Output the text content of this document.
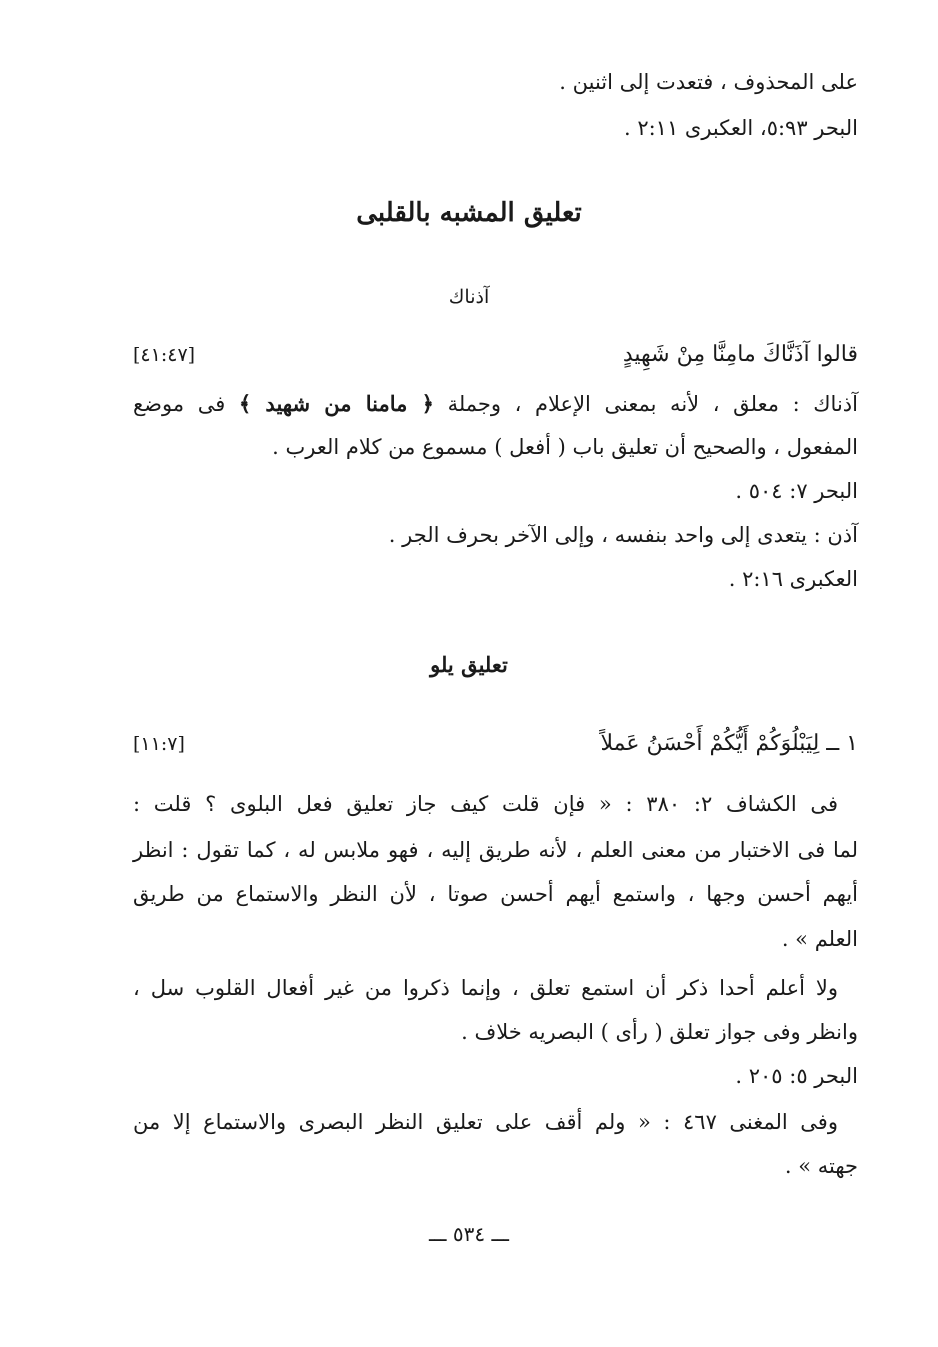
على المحذوف ، فتعدت إلى اثنين .
البحر ٥:٩٣، العكبرى ٢:١١ .
تعليق المشبه بالقلبى
آذناك
قالوا آذَنَّاكَ مامِنَّا مِنْ شَهِيدٍ
[٤١:٤٧]
آذناك : معلق ، لأنه بمعنى الإعلام ، وجملة ﴿ مامنا من شهيد ﴾ فى موضع
المفعول ، والصحيح أن تعليق باب ( أفعل ) مسموع من كلام العرب .
البحر ٧: ٥٠٤ .
آذن : يتعدى إلى واحد بنفسه ، وإلى الآخر بحرف الجر .
العكبرى ٢:١٦ .
تعليق يلو
١ ــ لِيَبْلُوَكُمْ أَيُّكُمْ أَحْسَنُ عَملاً
[١١:٧]
فى الكشاف ٢: ٣٨٠ : « فإن قلت كيف جاز تعليق فعل البلوى ؟ قلت :
لما فى الاختبار من معنى العلم ، لأنه طريق إليه ، فهو ملابس له ، كما تقول : انظر
أيهم أحسن وجها ، واستمع أيهم أحسن صوتا ، لأن النظر والاستماع من طريق
العلم » .
ولا أعلم أحدا ذكر أن استمع تعلق ، وإنما ذكروا من غير أفعال القلوب سل ،
وانظر وفى جواز تعلق ( رأى ) البصريه خلاف .
البحر ٥: ٢٠٥ .
وفى المغنى ٤٦٧ : « ولم أقف على تعليق النظر البصرى والاستماع إلا من
جهته » .
ـــ ٥٣٤ ـــ
